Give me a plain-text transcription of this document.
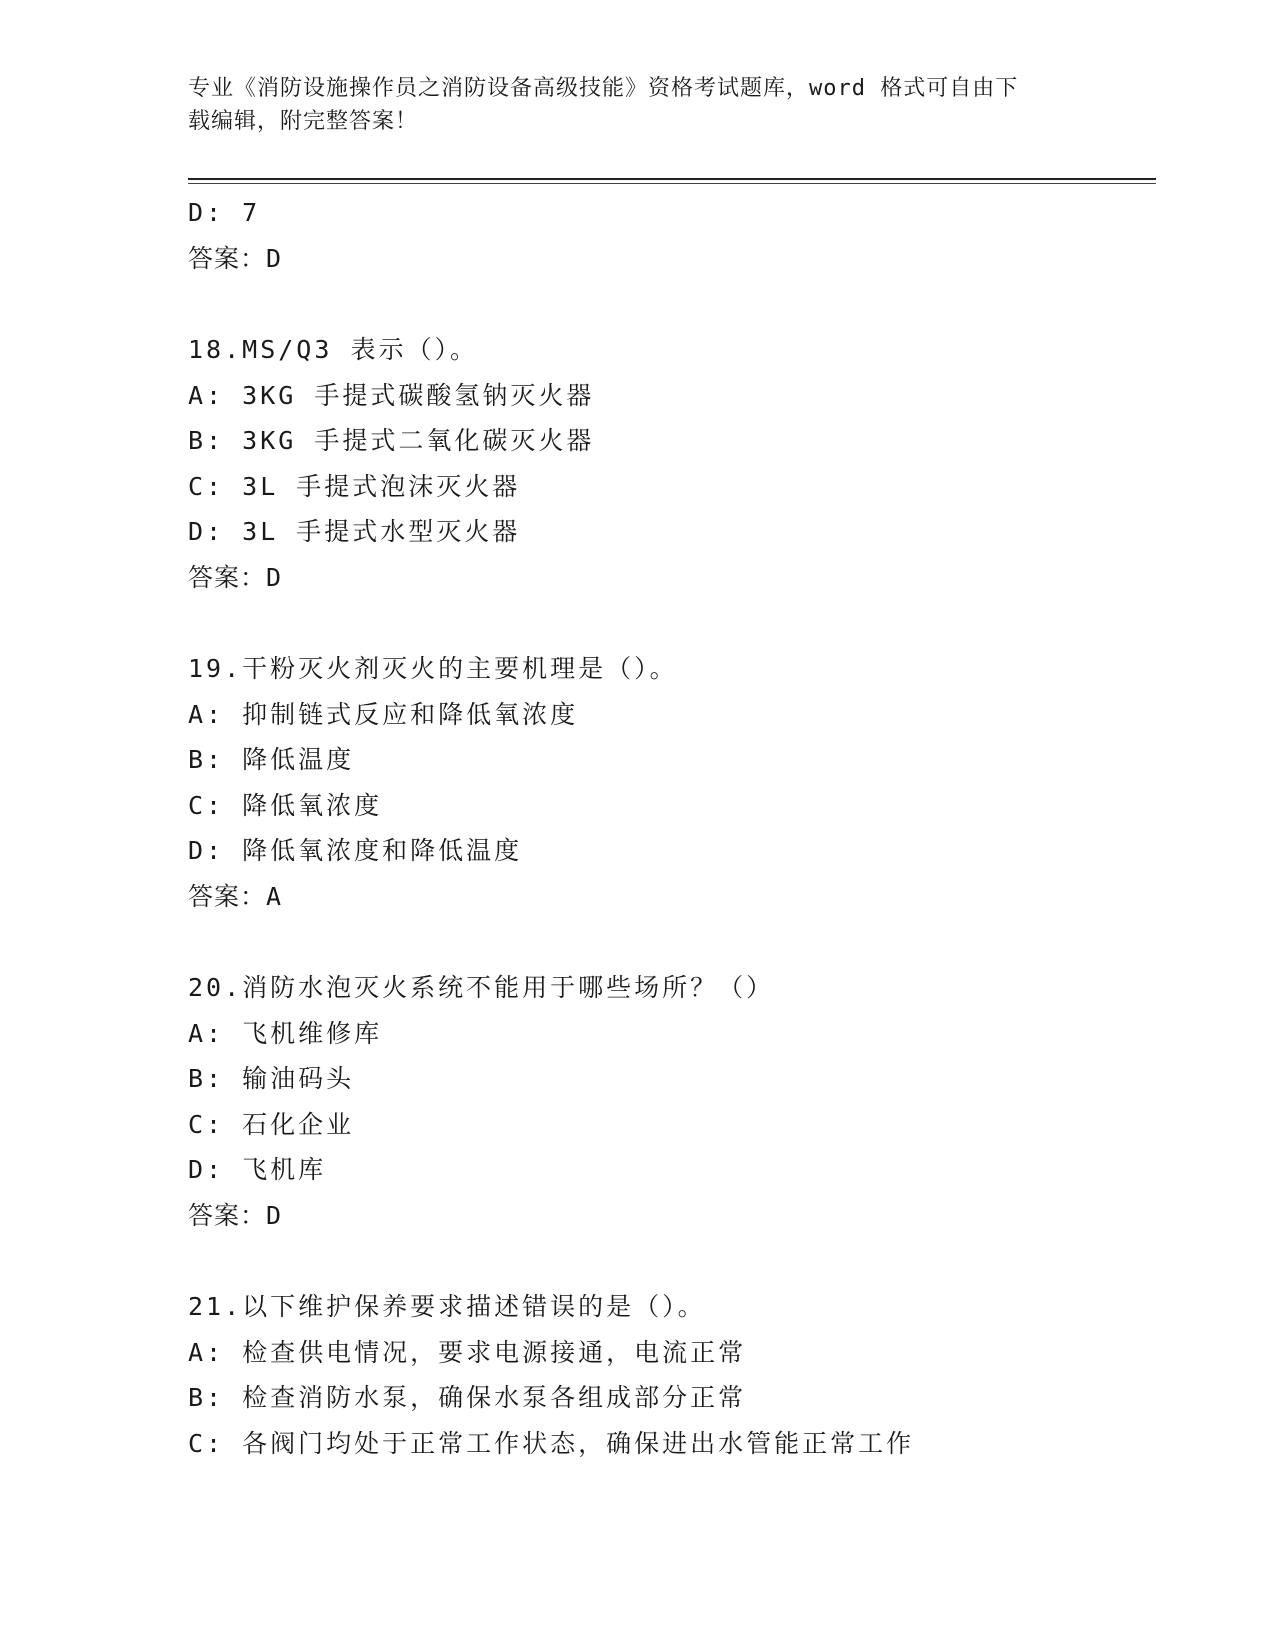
专业《消防设施操作员之消防设备高级技能》资格考试题库，word 格式可自由下
载编辑，附完整答案！
D: 7
答案：D
18.MS/Q3 表示（）。
A: 3KG 手提式碳酸氢钠灭火器
B: 3KG 手提式二氧化碳灭火器
C: 3L 手提式泡沫灭火器
D: 3L 手提式水型灭火器
答案：D
19.干粉灭火剂灭火的主要机理是（）。
A: 抑制链式反应和降低氧浓度
B: 降低温度
C: 降低氧浓度
D: 降低氧浓度和降低温度
答案：A
20.消防水泡灭火系统不能用于哪些场所？（）
A: 飞机维修库
B: 输油码头
C: 石化企业
D: 飞机库
答案：D
21.以下维护保养要求描述错误的是（）。
A: 检查供电情况，要求电源接通，电流正常
B: 检查消防水泵，确保水泵各组成部分正常
C: 各阀门均处于正常工作状态，确保进出水管能正常工作
